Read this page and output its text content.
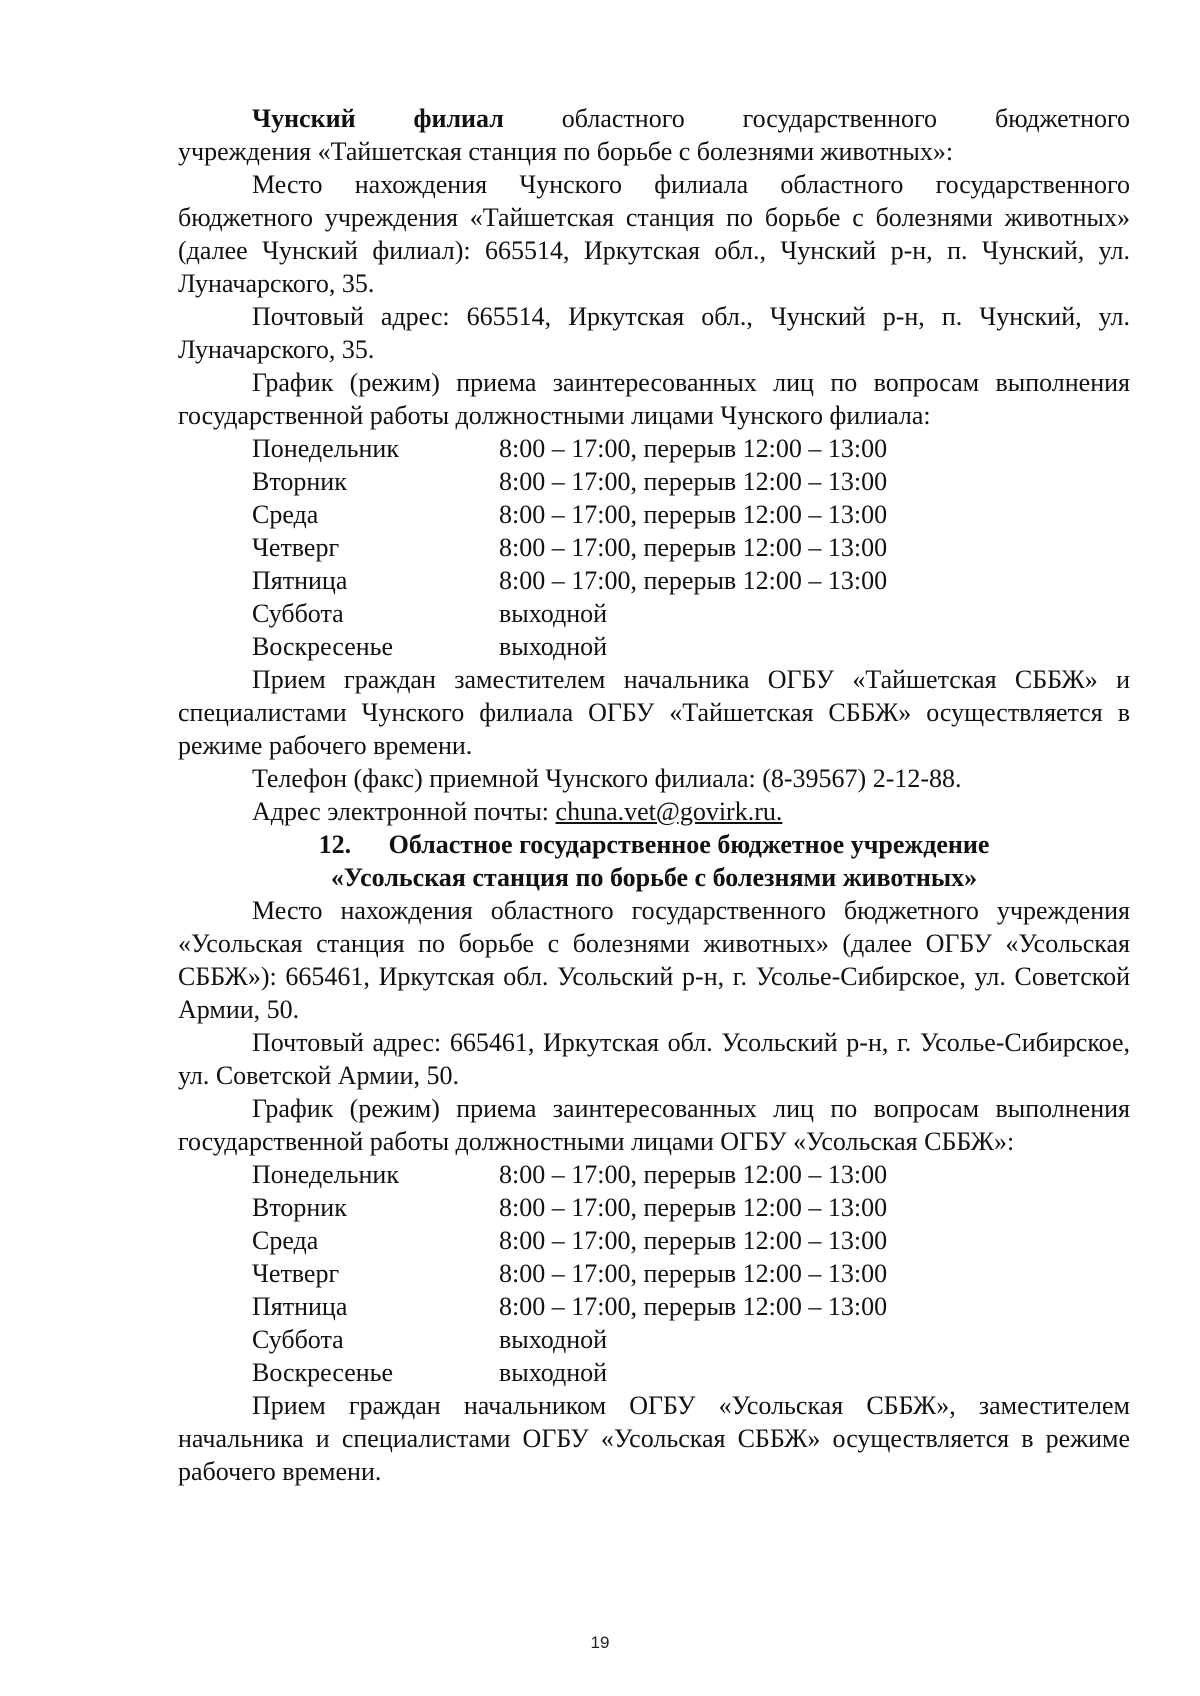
Чунский филиал областного государственного бюджетного

учреждения «Тайшетская станция по борьбе с болезнями животных»:

Место нахождения Чунского филиала областного государственного бюджетного учреждения «Тайшетская станция по борьбе с болезнями животных» (далее Чунский филиал): 665514, Иркутская обл., Чунский р-н, п. Чунский, ул. Луначарского, 35.

Почтовый адрес: 665514, Иркутская обл., Чунский р-н, п. Чунский, ул. Луначарского, 35.

График (режим) приема заинтересованных лиц по вопросам выполнения государственной работы должностными лицами Чунского филиала:

Понедельник	8:00 – 17:00, перерыв 12:00 – 13:00
Вторник	8:00 – 17:00, перерыв 12:00 – 13:00
Среда	8:00 – 17:00, перерыв 12:00 – 13:00
Четверг	8:00 – 17:00, перерыв 12:00 – 13:00
Пятница	8:00 – 17:00, перерыв 12:00 – 13:00
Суббота	выходной
Воскресенье	выходной

Прием граждан заместителем начальника ОГБУ «Тайшетская СББЖ» и специалистами Чунского филиала ОГБУ «Тайшетская СББЖ» осуществляется в режиме рабочего времени.

Телефон (факс) приемной Чунского филиала: (8-39567) 2-12-88.

Адрес электронной почты: chuna.vet@govirk.ru.

12. Областное государственное бюджетное учреждение

«Усольская станция по борьбе с болезнями животных»

Место нахождения областного государственного бюджетного учреждения «Усольская станция по борьбе с болезнями животных» (далее ОГБУ «Усольская СББЖ»): 665461, Иркутская обл. Усольский р-н, г. Усолье-Сибирское, ул. Советской Армии, 50.

Почтовый адрес: 665461, Иркутская обл. Усольский р-н, г. Усолье-Сибирское, ул. Советской Армии, 50.

График (режим) приема заинтересованных лиц по вопросам выполнения государственной работы должностными лицами ОГБУ «Усольская СББЖ»:

Понедельник	8:00 – 17:00, перерыв 12:00 – 13:00
Вторник	8:00 – 17:00, перерыв 12:00 – 13:00
Среда	8:00 – 17:00, перерыв 12:00 – 13:00
Четверг	8:00 – 17:00, перерыв 12:00 – 13:00
Пятница	8:00 – 17:00, перерыв 12:00 – 13:00
Суббота	выходной
Воскресенье	выходной

Прием граждан начальником ОГБУ «Усольская СББЖ», заместителем начальника и специалистами ОГБУ «Усольская СББЖ» осуществляется в режиме рабочего времени.

19
